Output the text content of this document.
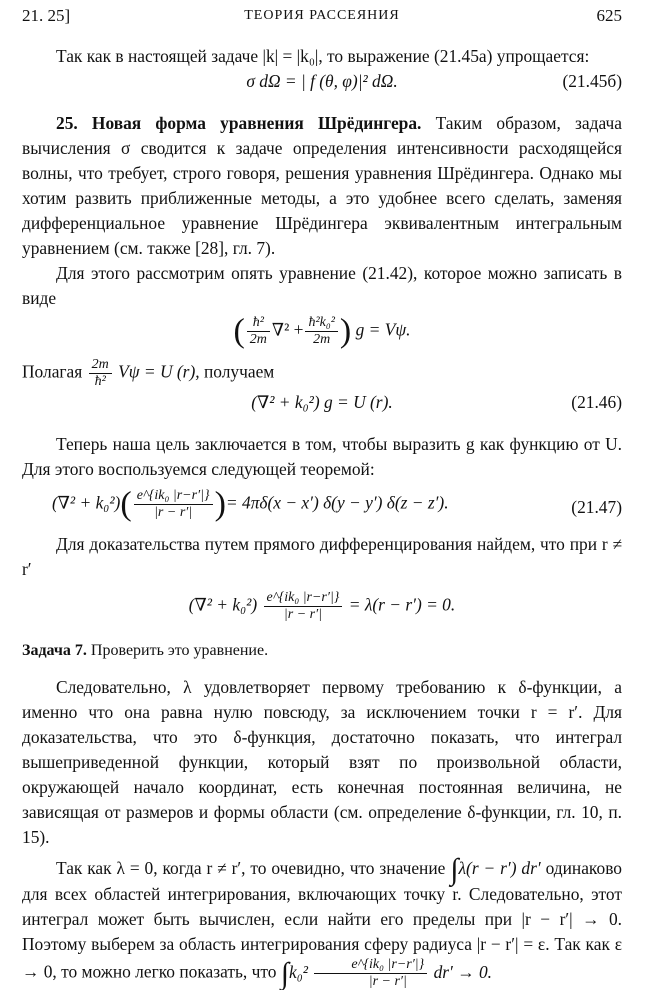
21. 25]	ТЕОРИЯ РАССЕЯНИЯ	625

Так как в настоящей задаче |k| = |k₀|, то выражение (21.45а) упрощается:

σ dΩ = | f (θ, φ)|² dΩ.	(21.45б)

25. Новая форма уравнения Шрёдингера. Таким образом, задача вычисления σ сводится к задаче определения интенсивности расходящейся волны, что требует, строго говоря, решения уравнения Шрёдингера. Однако мы хотим развить приближенные методы, а это удобнее всего сделать, заменяя дифференциальное уравнение Шрёдингера эквивалентным интегральным уравнением (см. также [28], гл. 7).

Для этого рассмотрим опять уравнение (21.42), которое можно записать в виде

( $\frac{\text{ħ²}}{2m} \nabla^2 + \frac{\text{ħ²k₀²}}{2m}$ ) g = Vψ.

Полагая $\frac{2m}{\text{ħ²}}$ Vψ = U (r), получаем

(∇² + k₀²) g = U (r).	(21.46)

Теперь наша цель заключается в том, чтобы выразить g как функцию от U. Для этого воспользуемся следующей теоремой:

$(\nabla^2 + k_0^2)( \frac{\text{e\textasciicircum{}\{ik₀ |r−r′|\}}}{|r - r'|}$ )= 4πδ(x − x′) δ(y − y′) δ(z − z′).	(21.47)

Для доказательства путем прямого дифференцирования найдем, что при r ≠ r′

$(\nabla^2 + k_0^2) \frac{\text{e\textasciicircum{}\{ik₀ |r−r′|\}}}{|r - r'|} = \lambda(r - r') = 0$.

Задача 7. Проверить это уравнение.

Следовательно, λ удовлетворяет первому требованию к δ-функции, а именно что она равна нулю повсюду, за исключением точки r = r′. Для доказательства, что это δ-функция, достаточно показать, что интеграл вышеприведенной функции, который взят по произвольной области, окружающей начало координат, есть конечная постоянная величина, не зависящая от размеров и формы области (см. определение δ-функции, гл. 10, п. 15).

Так как λ = 0, когда r ≠ r′, то очевидно, что значение ∫λ(r − r′) dr′ одинаково для всех областей интегрирования, включающих точку r. Следовательно, этот интеграл может быть вычислен, если найти его пределы при |r − r′| → 0. Поэтому выберем за область интегрирования сферу радиуса |r − r′| = ε. Так как ε → 0, то можно легко показать, что $\int k_0^2 \frac{\text{e\textasciicircum{}\{ik₀ |r−r′|\}}}{|r - r'|} dr' \to 0$.
